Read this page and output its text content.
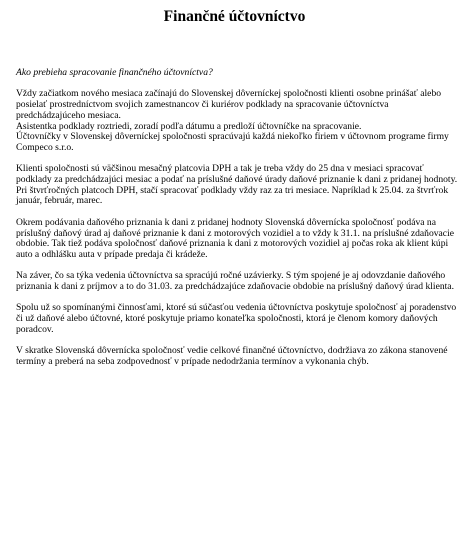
Finančné účtovníctvo

Ako prebieha spracovanie finančného účtovníctva?

Vždy začiatkom nového mesiaca začínajú do Slovenskej dôverníckej spoločnosti klienti osobne prinášať alebo posielať prostredníctvom svojich zamestnancov či kuriérov podklady na spracovanie účtovníctva predchádzajúceho mesiaca.
Asistentka podklady roztriedi, zoradí podľa dátumu a predloží účtovníčke na spracovanie.
Účtovníčky v Slovenskej dôverníckej spoločnosti spracúvajú každá niekoľko firiem v účtovnom programe firmy Compeco s.r.o.
Klienti spoločnosti sú väčšinou mesačný platcovia DPH a tak je treba vždy do 25 dna v mesiaci spracovať podklady za predchádzajúci mesiac a podať na príslušné daňové úrady daňové priznanie k dani z pridanej hodnoty.
Pri štvrťročných platcoch DPH, stačí spracovať podklady vždy raz za tri mesiace. Napríklad k 25.04. za štvrťrok január, február, marec.
Okrem podávania daňového priznania k dani z pridanej hodnoty Slovenská dôvernícka spoločnosť podáva na príslušný daňový úrad aj daňové priznanie k dani z motorových vozidiel a to vždy k 31.1. na príslušné zdaňovacie obdobie. Tak tiež podáva spoločnosť daňové priznania k dani z motorových vozidiel aj počas roka ak klient kúpi auto a odhlášku auta v prípade predaja či krádeže.
Na záver, čo sa týka vedenia účtovníctva sa spracújú ročné uzávierky. S tým spojené je aj odovzdanie daňového priznania k dani z príjmov a to do 31.03. za predchádzajúce zdaňovacie obdobie na príslušný daňový úrad klienta.
Spolu už so spomínanými činnosťami, ktoré sú súčasťou vedenia účtovníctva poskytuje spoločnosť aj poradenstvo či už daňové alebo účtovné, ktoré poskytuje priamo konateľka spoločnosti, ktorá je členom komory daňových poradcov.
V skratke Slovenská dôvernícka spoločnosť vedie celkové finančné účtovníctvo, dodržiava zo zákona stanovené termíny a preberá na seba zodpovednosť v prípade nedodržania termínov a vykonania chýb.
